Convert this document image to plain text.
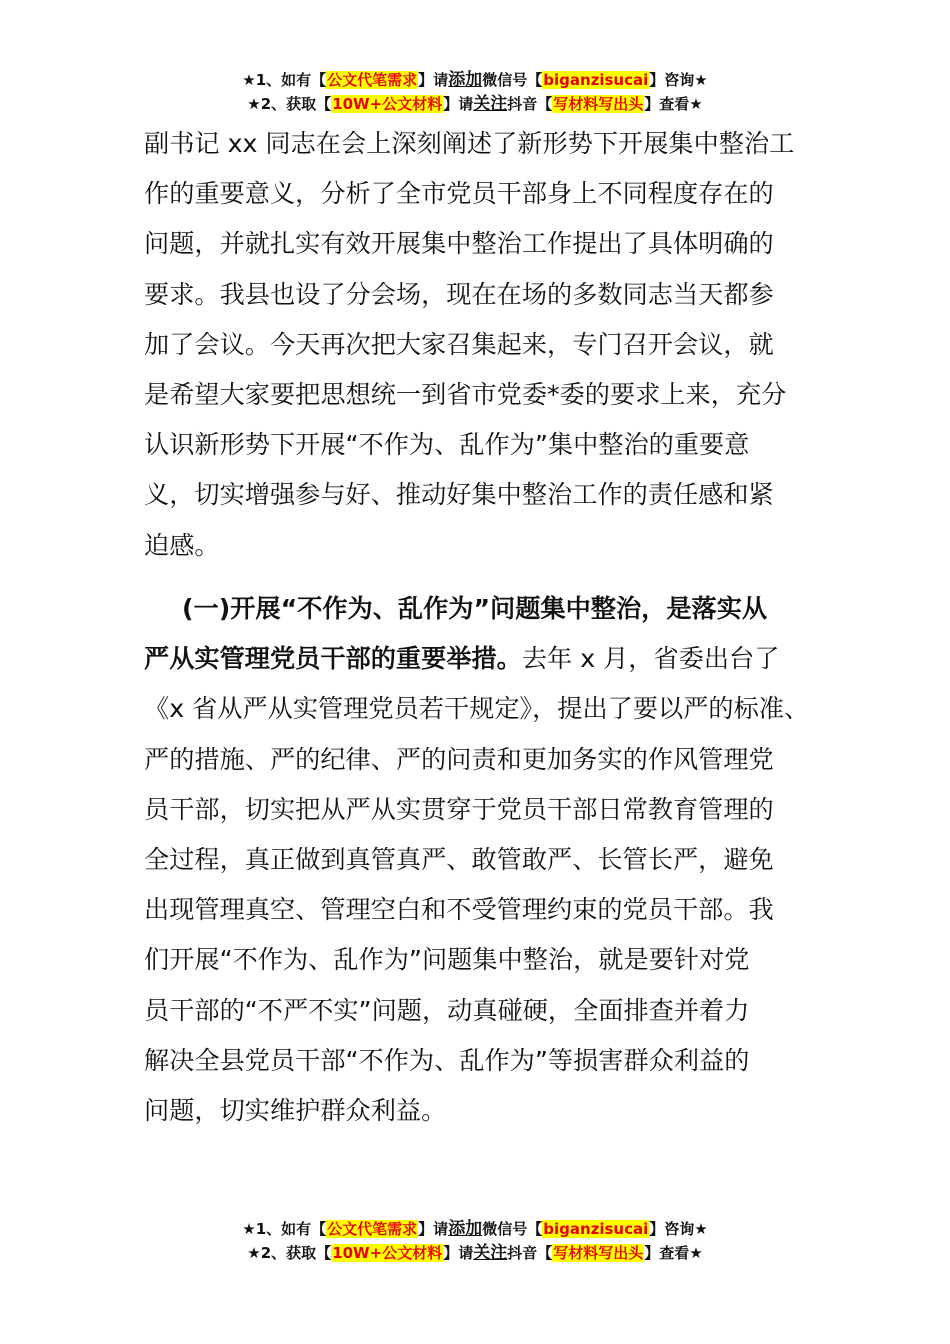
★1、如有【公文代笔需求】请添加微信号【biganzisucai】咨询★
★2、获取【10W+公文材料】请关注抖音【写材料写出头】查看★
副书记 xx 同志在会上深刻阐述了新形势下开展集中整治工
作的重要意义，分析了全市党员干部身上不同程度存在的
问题，并就扎实有效开展集中整治工作提出了具体明确的
要求。我县也设了分会场，现在在场的多数同志当天都参
加了会议。今天再次把大家召集起来，专门召开会议，就
是希望大家要把思想统一到省市党委*委的要求上来，充分
认识新形势下开展“不作为、乱作为”集中整治的重要意
义，切实增强参与好、推动好集中整治工作的责任感和紧
迫感。
(一)开展“不作为、乱作为”问题集中整治，是落实从
严从实管理党员干部的重要举措。去年 x 月，省委出台了
《x 省从严从实管理党员若干规定》，提出了要以严的标准、
严的措施、严的纪律、严的问责和更加务实的作风管理党
员干部，切实把从严从实贯穿于党员干部日常教育管理的
全过程，真正做到真管真严、敢管敢严、长管长严，避免
出现管理真空、管理空白和不受管理约束的党员干部。我
们开展“不作为、乱作为”问题集中整治，就是要针对党
员干部的“不严不实”问题，动真碰硬，全面排查并着力
解决全县党员干部“不作为、乱作为”等损害群众利益的
问题，切实维护群众利益。
★1、如有【公文代笔需求】请添加微信号【biganzisucai】咨询★
★2、获取【10W+公文材料】请关注抖音【写材料写出头】查看★
